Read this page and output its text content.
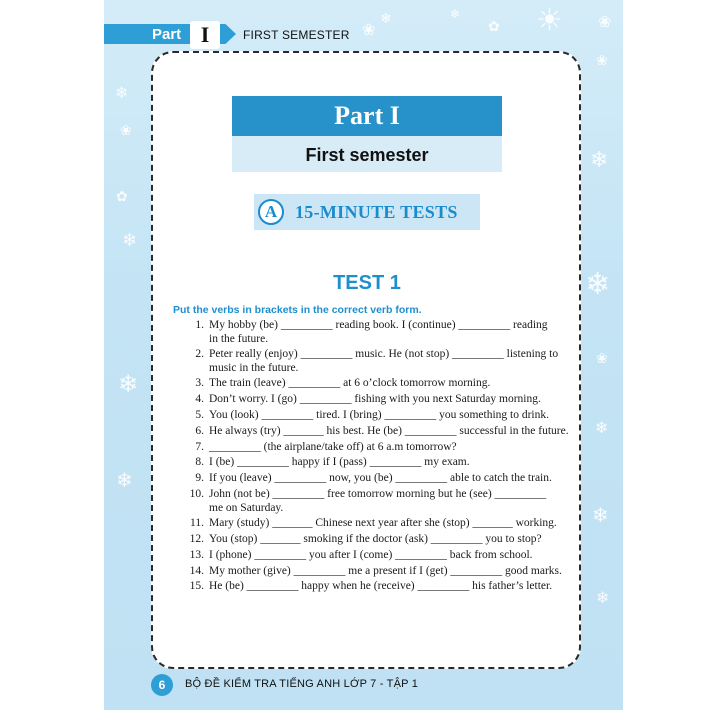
❄
❄
❄
❄
❄
❄
❄
❄
❄
❄	❄
✿
❀	☀ ❀
❀
❀
❀
✿
Part I	FIRST SEMESTER
Part I
First semester
A 15-MINUTE TESTS
TEST 1
Put the verbs in brackets in the correct verb form.
1. My hobby (be) _________ reading book. I (continue) _________ reading
in the future.
2. Peter really (enjoy) _________ music. He (not stop) _________ listening to
music in the future.
3. The train (leave) _________ at 6 o’clock tomorrow morning.
4. Don’t worry. I (go) _________ fishing with you next Saturday morning.
5. You (look) _________ tired. I (bring) _________ you something to drink.
6. He always (try) _______ his best. He (be) _________ successful in the future.
7. _________ (the airplane/take off) at 6 a.m tomorrow?
8. I (be) _________ happy if I (pass) _________ my exam.
9. If you (leave) _________ now, you (be) _________ able to catch the train.
10. John (not be) _________ free tomorrow morning but he (see) _________
me on Saturday.
11. Mary (study) _______ Chinese next year after she (stop) _______ working.
12. You (stop) _______ smoking if the doctor (ask) _________ you to stop?
13. I (phone) _________ you after I (come) _________ back from school.
14. My mother (give) _________ me a present if I (get) _________ good marks.
15. He (be) _________ happy when he (receive) _________ his father’s letter.
6	BỘ ĐỀ KIỂM TRA TIẾNG ANH LỚP 7 - TẬP 1
